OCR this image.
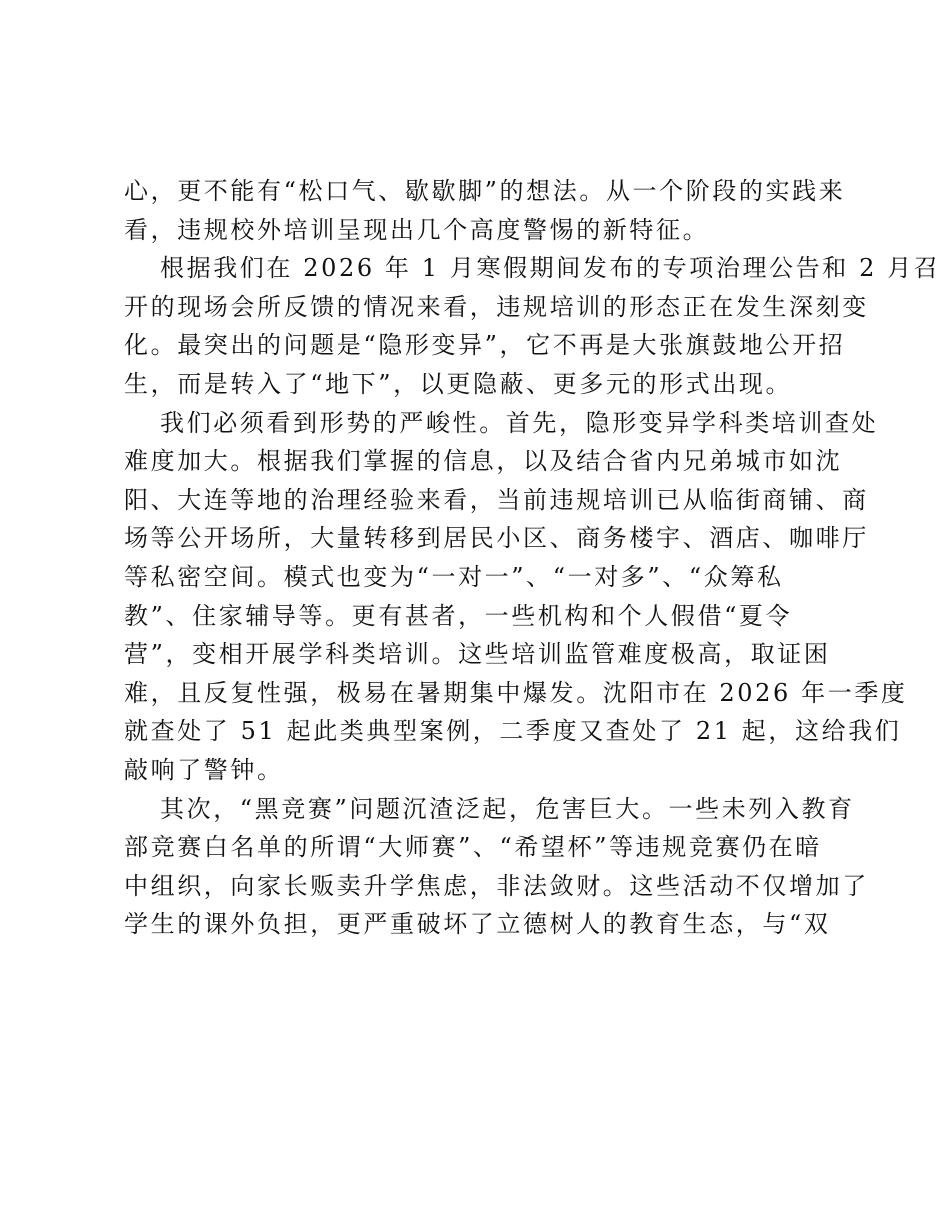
心，更不能有“松口气、歇歇脚”的想法。从一个阶段的实践来
看，违规校外培训呈现出几个高度警惕的新特征。
根据我们在 2026 年 1 月寒假期间发布的专项治理公告和 2 月召
开的现场会所反馈的情况来看，违规培训的形态正在发生深刻变
化。最突出的问题是“隐形变异”，它不再是大张旗鼓地公开招
生，而是转入了“地下”，以更隐蔽、更多元的形式出现。
我们必须看到形势的严峻性。首先，隐形变异学科类培训查处
难度加大。根据我们掌握的信息，以及结合省内兄弟城市如沈
阳、大连等地的治理经验来看，当前违规培训已从临街商铺、商
场等公开场所，大量转移到居民小区、商务楼宇、酒店、咖啡厅
等私密空间。模式也变为“一对一”、“一对多”、“众筹私
教”、住家辅导等。更有甚者，一些机构和个人假借“夏令
营”，变相开展学科类培训。这些培训监管难度极高，取证困
难，且反复性强，极易在暑期集中爆发。沈阳市在 2026 年一季度
就查处了 51 起此类典型案例，二季度又查处了 21 起，这给我们
敲响了警钟。
其次，“黑竞赛”问题沉渣泛起，危害巨大。一些未列入教育
部竞赛白名单的所谓“大师赛”、“希望杯”等违规竞赛仍在暗
中组织，向家长贩卖升学焦虑，非法敛财。这些活动不仅增加了
学生的课外负担，更严重破坏了立德树人的教育生态，与“双
